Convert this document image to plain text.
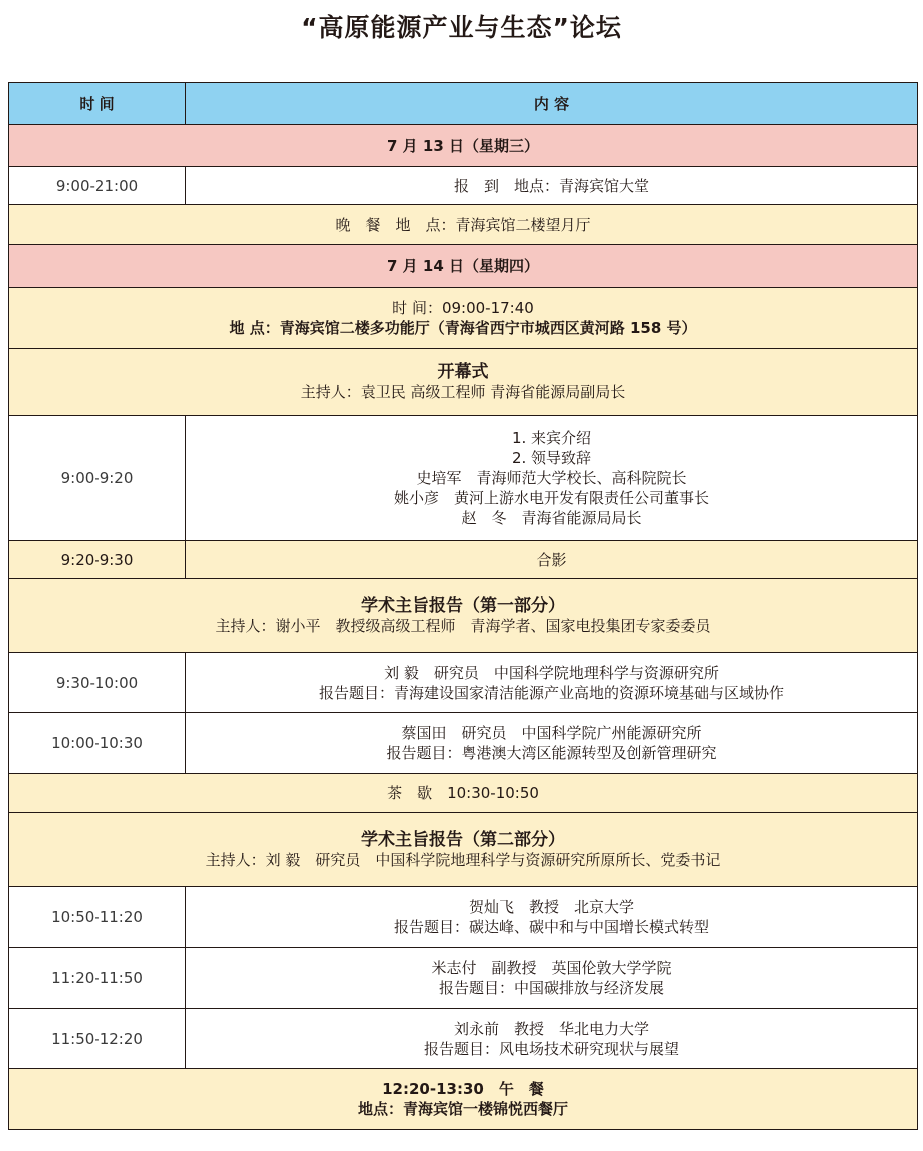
“高原能源产业与生态”论坛
时 间	内 容
7 月 13 日（星期三）	
9:00-21:00	报　到　地点：青海宾馆大堂
晚　餐　地　点：青海宾馆二楼望月厅	
7 月 14 日（星期四）	

时 间：09:00-17:40
地 点：青海宾馆二楼多功能厅（青海省西宁市城西区黄河路 158 号）	

开幕式
主持人：袁卫民 高级工程师 青海省能源局副局长	

9:00-9:20	1. 来宾介绍
2. 领导致辞
史培军　青海师范大学校长、高科院院长
姚小彦　黄河上游水电开发有限责任公司董事长
赵　冬　青海省能源局局长

9:20-9:30	合影

学术主旨报告（第一部分）
主持人：谢小平　教授级高级工程师　青海学者、国家电投集团专家委委员	

9:30-10:00	刘 毅　研究员　中国科学院地理科学与资源研究所
报告题目：青海建设国家清洁能源产业高地的资源环境基础与区域协作

10:00-10:30	蔡国田　研究员　中国科学院广州能源研究所
报告题目：粤港澳大湾区能源转型及创新管理研究

茶　歇　10:30-10:50	

学术主旨报告（第二部分）
主持人：刘 毅　研究员　中国科学院地理科学与资源研究所原所长、党委书记	

10:50-11:20	贺灿飞　教授　北京大学
报告题目：碳达峰、碳中和与中国增长模式转型

11:20-11:50	米志付　副教授　英国伦敦大学学院
报告题目：中国碳排放与经济发展

11:50-12:20	刘永前　教授　华北电力大学
报告题目：风电场技术研究现状与展望

12:20-13:30　午　餐
地点：青海宾馆一楼锦悦西餐厅	
